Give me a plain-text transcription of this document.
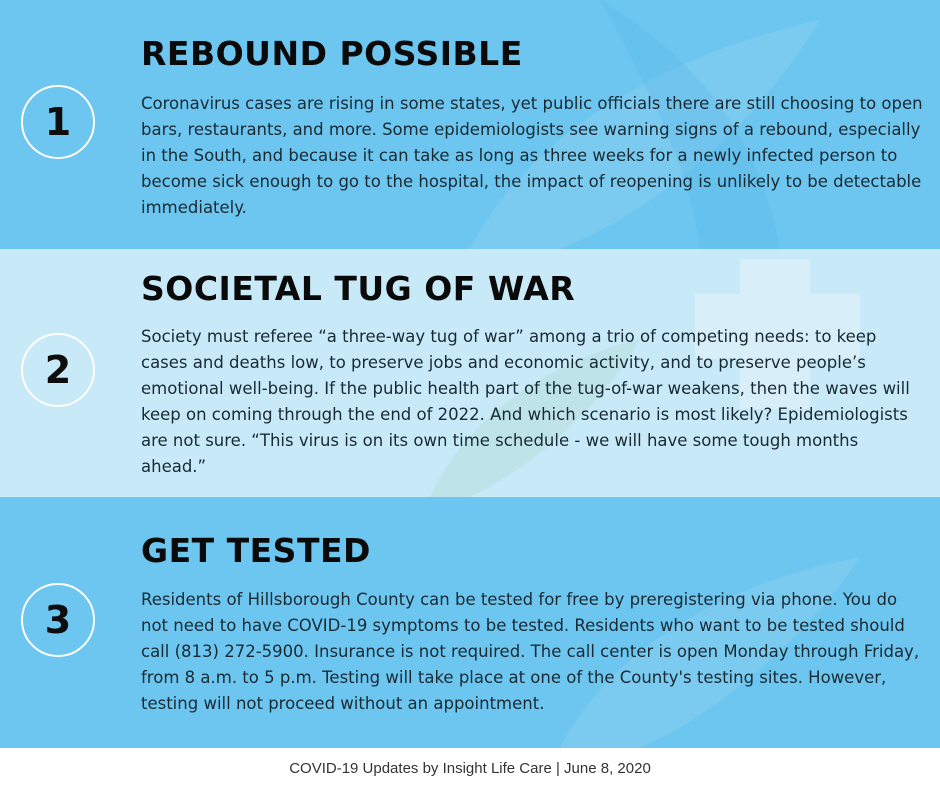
1
REBOUND POSSIBLE

Coronavirus cases are rising in some states, yet public officials there are still choosing to open bars, restaurants, and more. Some epidemiologists see warning signs of a rebound, especially in the South, and because it can take as long as three weeks for a newly infected person to become sick enough to go to the hospital, the impact of reopening is unlikely to be detectable immediately.

2
SOCIETAL TUG OF WAR

Society must referee “a three-way tug of war” among a trio of competing needs: to keep cases and deaths low, to preserve jobs and economic activity, and to preserve people’s emotional well-being. If the public health part of the tug-of-war weakens, then the waves will keep on coming through the end of 2022. And which scenario is most likely? Epidemiologists are not sure. “This virus is on its own time schedule - we will have some tough months ahead.”

3
GET TESTED

Residents of Hillsborough County can be tested for free by preregistering via phone. You do not need to have COVID-19 symptoms to be tested. Residents who want to be tested should call (813) 272-5900. Insurance is not required. The call center is open Monday through Friday, from 8 a.m. to 5 p.m. Testing will take place at one of the County's testing sites. However, testing will not proceed without an appointment.

COVID-19 Updates by Insight Life Care | June 8, 2020
